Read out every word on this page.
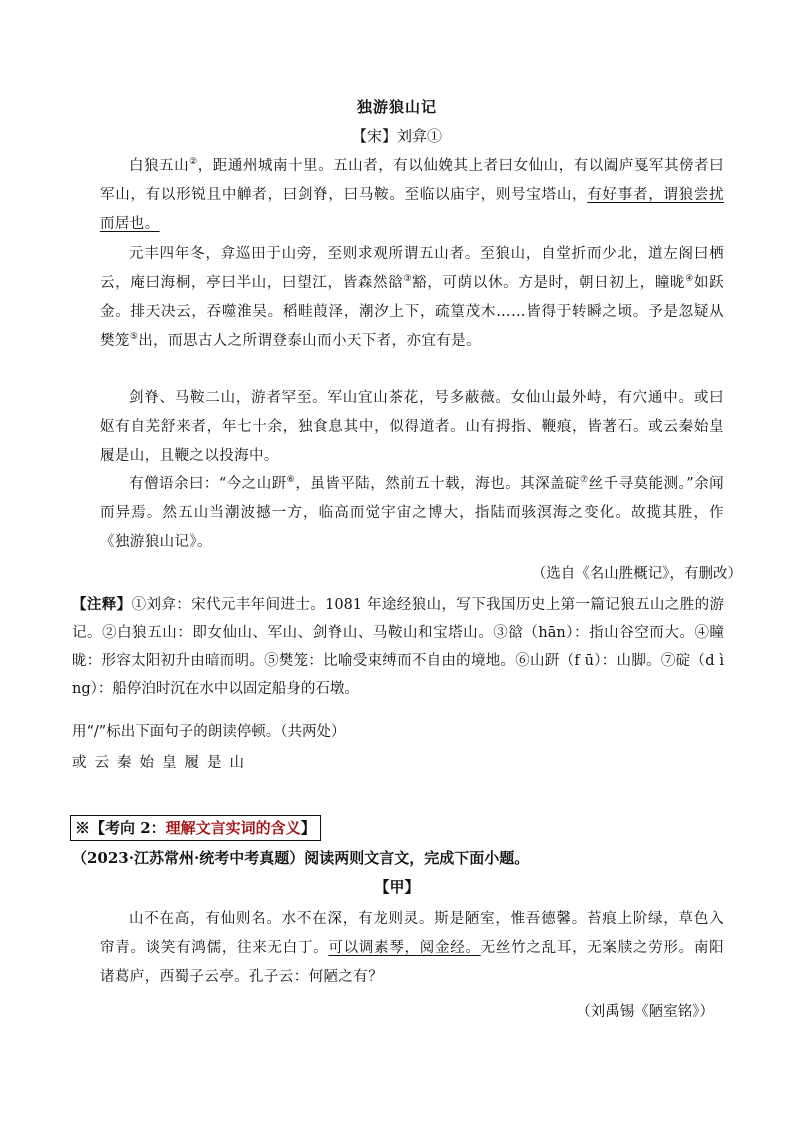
独游狼山记
【宋】刘弇①
白狼五山②，距通州城南十里。五山者，有以仙娩其上者曰女仙山，有以阖庐戛军其傍者曰军山，有以形锐且中觯者，曰剑脊，曰马鞍。至临以庙宇，则号宝塔山，有好事者，谓狼尝扰而居也。
元丰四年冬，弇巡田于山旁，至则求观所谓五山者。至狼山，自堂折而少北，道左阁曰栖云，庵曰海桐，亭曰半山，曰望江，皆森然谽③豁，可荫以休。方是时，朝日初上，瞳昽④如跃金。排天决云，吞噬淮吴。稻畦葭泽，潮汐上下，疏篁茂木……皆得于转瞬之顷。予是忽疑从樊笼⑤出，而思古人之所谓登泰山而小天下者，亦宜有是。
剑脊、马鞍二山，游者罕至。军山宜山茶花，号多蔽薇。女仙山最外峙，有穴通中。或曰妪有自芜舒来者，年七十余，独食息其中，似得道者。山有拇指、鞭痕，皆著石。或云秦始皇履是山，且鞭之以投海中。
有僧语余曰：“今之山趼⑥，虽皆平陆，然前五十载，海也。其深盖碇⑦丝千寻莫能测。”余闻而异焉。然五山当潮波撼一方，临高而觉宇宙之博大，指陆而骇溟海之变化。故揽其胜，作《独游狼山记》。
（选自《名山胜概记》，有删改）
【注释】①刘弇：宋代元丰年间进士。1081 年途经狼山，写下我国历史上第一篇记狼五山之胜的游记。②白狼五山：即女仙山、军山、剑脊山、马鞍山和宝塔山。③谽（hān）：指山谷空而大。④瞳昽：形容太阳初升由暗而明。⑤樊笼：比喻受束缚而不自由的境地。⑥山趼（f ū）：山脚。⑦碇（d ì ng）：船停泊时沉在水中以固定船身的石墩。
用“/”标出下面句子的朗读停顿。（共两处）
或云秦始皇履是山
※【考向 2：理解文言实词的含义】
（2023·江苏常州·统考中考真题）阅读两则文言文，完成下面小题。
【甲】
山不在高，有仙则名。水不在深，有龙则灵。斯是陋室，惟吾德馨。苔痕上阶绿，草色入帘青。谈笑有鸿儒，往来无白丁。可以调素琴，阅金经。无丝竹之乱耳，无案牍之劳形。南阳诸葛庐，西蜀子云亭。孔子云：何陋之有？
（刘禹锡《陋室铭》）
